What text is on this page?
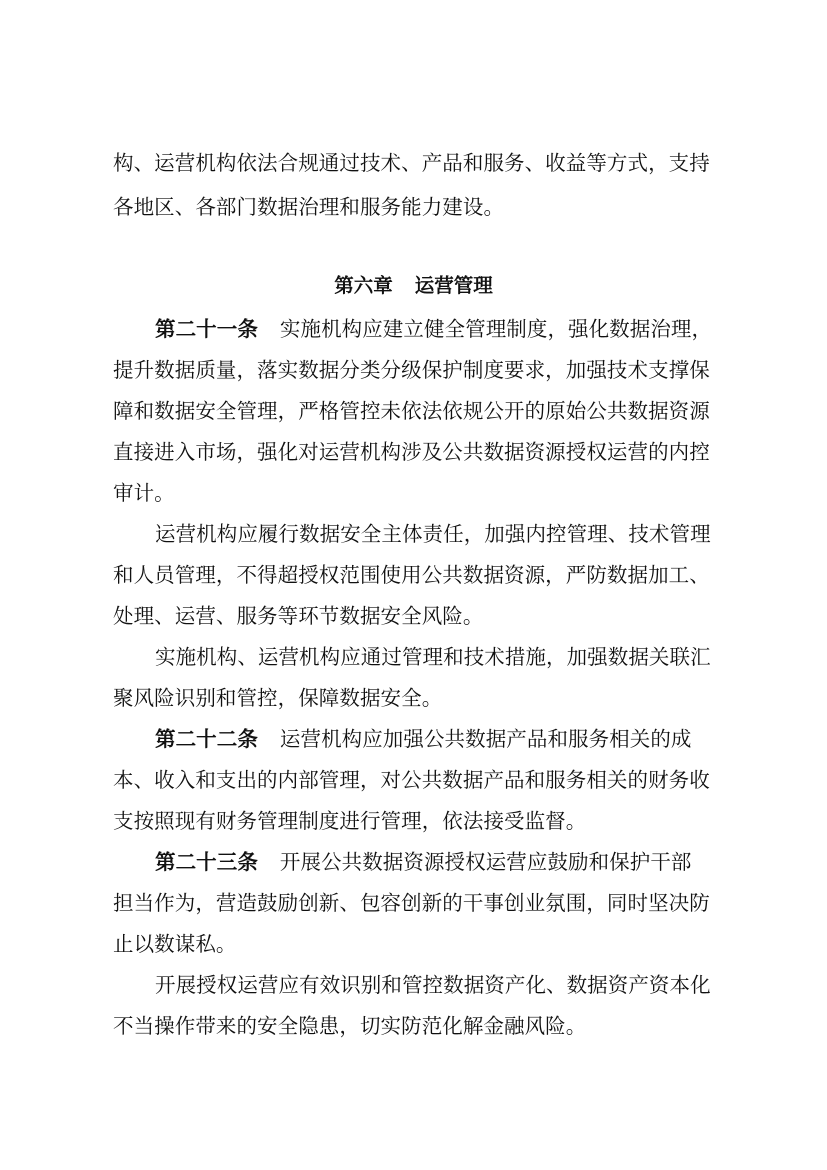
构、运营机构依法合规通过技术、产品和服务、收益等方式，支持
各地区、各部门数据治理和服务能力建设。
第六章 运营管理
第二十一条 实施机构应建立健全管理制度，强化数据治理，
提升数据质量，落实数据分类分级保护制度要求，加强技术支撑保
障和数据安全管理，严格管控未依法依规公开的原始公共数据资源
直接进入市场，强化对运营机构涉及公共数据资源授权运营的内控
审计。
运营机构应履行数据安全主体责任，加强内控管理、技术管理
和人员管理，不得超授权范围使用公共数据资源，严防数据加工、
处理、运营、服务等环节数据安全风险。
实施机构、运营机构应通过管理和技术措施，加强数据关联汇
聚风险识别和管控，保障数据安全。
第二十二条 运营机构应加强公共数据产品和服务相关的成
本、收入和支出的内部管理，对公共数据产品和服务相关的财务收
支按照现有财务管理制度进行管理，依法接受监督。
第二十三条 开展公共数据资源授权运营应鼓励和保护干部
担当作为，营造鼓励创新、包容创新的干事创业氛围，同时坚决防
止以数谋私。
开展授权运营应有效识别和管控数据资产化、数据资产资本化
不当操作带来的安全隐患，切实防范化解金融风险。
